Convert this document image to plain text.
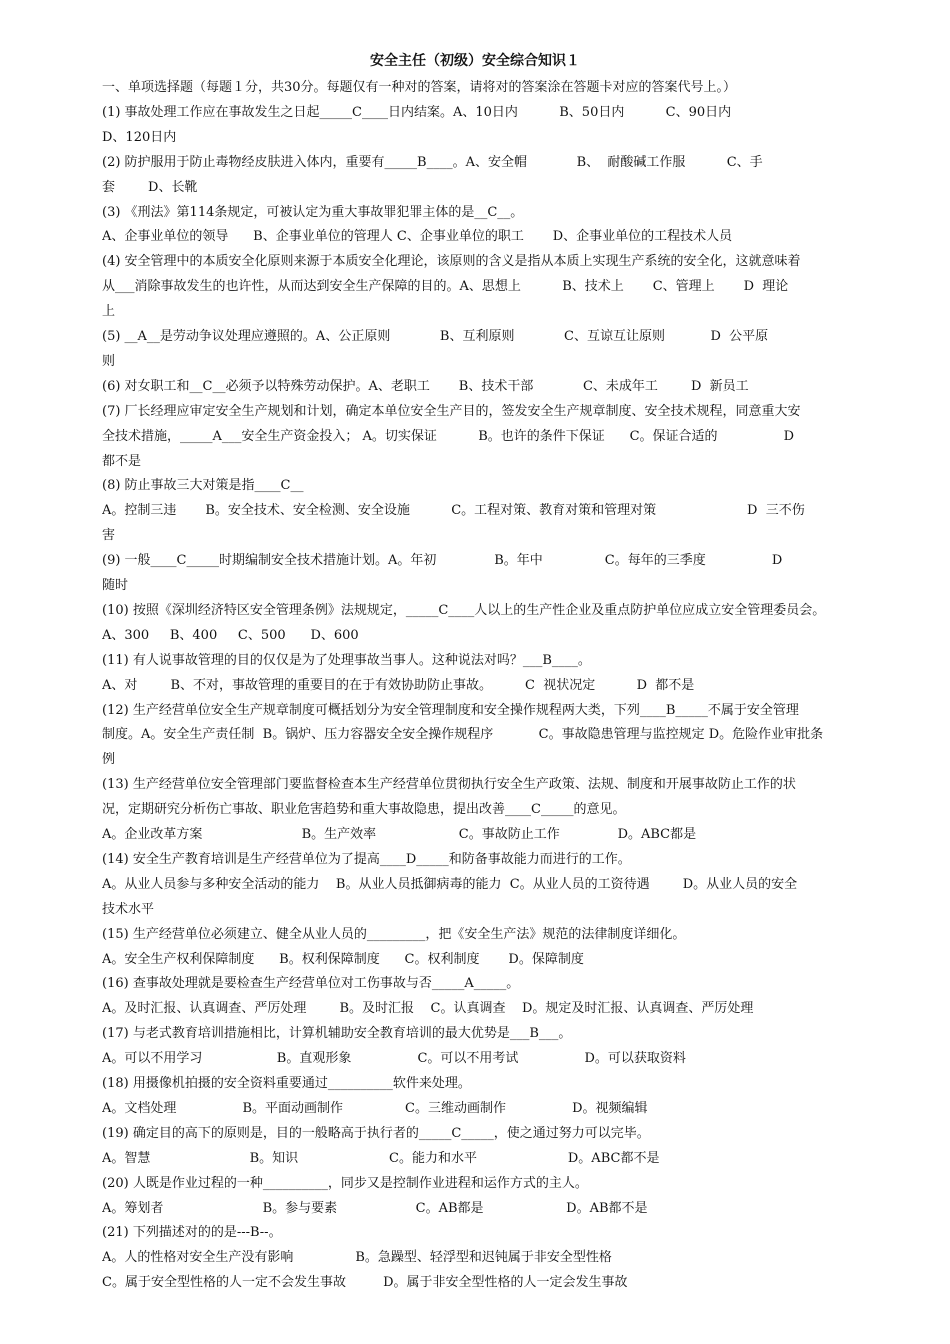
安全主任（初级）安全综合知识１
一、单项选择题（每题１分，共30分。每题仅有一种对的答案，请将对的答案涂在答题卡对应的答案代号上。）
(1) 事故处理工作应在事故发生之日起_____C____日内结案。A、10日内          B、50日内          C、90日内
D、120日内
(2) 防护服用于防止毒物经皮肤进入体内，重要有_____B____。A、安全帽            B、  耐酸碱工作服          C、手
套        D、长靴
(3) 《刑法》第114条规定，可被认定为重大事故罪犯罪主体的是__C__。
A、企事业单位的领导      B、企事业单位的管理人 C、企事业单位的职工       D、企事业单位的工程技术人员
(4) 安全管理中的本质安全化原则来源于本质安全化理论，该原则的含义是指从本质上实现生产系统的安全化，这就意味着
从___消除事故发生的也许性，从而达到安全生产保障的目的。A、思想上          B、技术上       C、管理上       D  理论
上
(5) __A__是劳动争议处理应遵照的。A、公正原则            B、互利原则            C、互谅互让原则           D  公平原
则
(6) 对女职工和__C__必须予以特殊劳动保护。A、老职工       B、技术干部            C、未成年工        D  新员工
(7) 厂长经理应审定安全生产规划和计划，确定本单位安全生产目的，签发安全生产规章制度、安全技术规程，同意重大安
全技术措施，_____A___安全生产资金投入； A。切实保证          B。也许的条件下保证      C。保证合适的                D
都不是
(8) 防止事故三大对策是指____C__
A。控制三违       B。安全技术、安全检测、安全设施          C。工程对策、教育对策和管理对策                      D  三不伤
害
(9) 一般____C_____时期编制安全技术措施计划。A。年初              B。年中               C。每年的三季度                D
随时
(10) 按照《深圳经济特区安全管理条例》法规规定，_____C____人以上的生产性企业及重点防护单位应成立安全管理委员会。
A、300     B、400     C、500      D、600
(11) 有人说事故管理的目的仅仅是为了处理事故当事人。这种说法对吗？___B____。
A、对        B、不对，事故管理的重要目的在于有效协助防止事故。        C  视状况定          D  都不是
(12) 生产经营单位安全生产规章制度可概括划分为安全管理制度和安全操作规程两大类，下列____B_____不属于安全管理
制度。A。安全生产责任制  B。锅炉、压力容器安全安全操作规程序           C。事故隐患管理与监控规定 D。危险作业审批条
例
(13) 生产经营单位安全管理部门要监督检查本生产经营单位贯彻执行安全生产政策、法规、制度和开展事故防止工作的状
况，定期研究分析伤亡事故、职业危害趋势和重大事故隐患，提出改善____C_____的意见。
A。企业改革方案                        B。生产效率                    C。事故防止工作              D。ABC都是
(14) 安全生产教育培训是生产经营单位为了提高____D_____和防备事故能力而进行的工作。
A。从业人员参与多种安全活动的能力    B。从业人员抵御病毒的能力  C。从业人员的工资待遇        D。从业人员的安全
技术水平
(15) 生产经营单位必须建立、健全从业人员的_________，把《安全生产法》规范的法律制度详细化。
A。安全生产权利保障制度      B。权利保障制度      C。权利制度       D。保障制度
(16) 查事故处理就是要检查生产经营单位对工伤事故与否_____A_____。
A。及时汇报、认真调查、严厉处理        B。及时汇报    C。认真调查    D。规定及时汇报、认真调查、严厉处理
(17) 与老式教育培训措施相比，计算机辅助安全教育培训的最大优势是___B___。
A。可以不用学习                  B。直观形象                C。可以不用考试                D。可以获取资料
(18) 用摄像机拍摄的安全资料重要通过__________软件来处理。
A。文档处理                B。平面动画制作               C。三维动画制作                D。视频编辑
(19) 确定目的高下的原则是，目的一般略高于执行者的_____C_____，使之通过努力可以完毕。
A。智慧                        B。知识                      C。能力和水平                      D。ABC都不是
(20) 人既是作业过程的一种__________，同步又是控制作业进程和运作方式的主人。
A。筹划者                        B。参与要素                   C。AB都是                    D。AB都不是
(21) 下列描述对的的是---B--。
A。人的性格对安全生产没有影响               B。急躁型、轻浮型和迟钝属于非安全型性格
C。属于安全型性格的人一定不会发生事故         D。属于非安全型性格的人一定会发生事故
